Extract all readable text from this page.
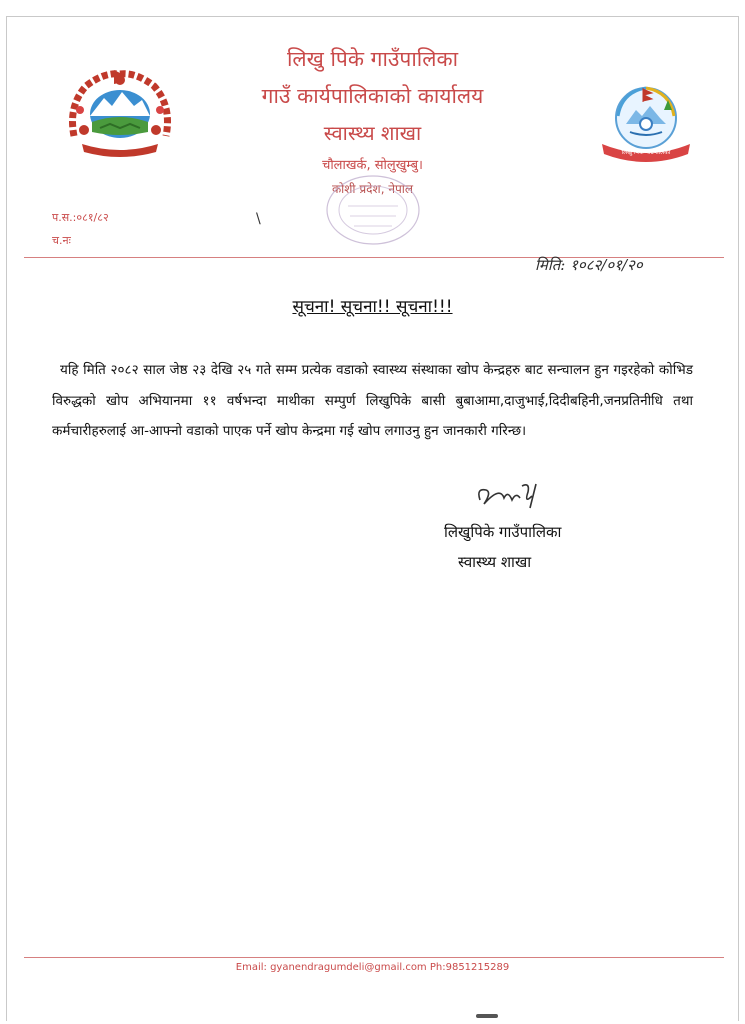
लिखु पिके गाउँपालिका
लिखु पिके गाउँपालिका
गाउँ कार्यपालिकाको कार्यालय
स्वास्थ्य शाखा
चौलाखर्क, सोलुखुम्बु।
कोशी प्रदेश, नेपाल
प.स.:०८१/८२
च.नः
\
मिति: १०८२/०१/२०
सूचना! सूचना!! सूचना!!!
यहि मिति २०८२ साल जेष्ठ २३ देखि २५ गते सम्म प्रत्येक वडाको स्वास्थ्य संस्थाका खोप केन्द्रहरु बाट सन्चालन हुन गइरहेको कोभिड विरुद्धको खोप अभियानमा ११ वर्षभन्दा माथीका सम्पुर्ण लिखुपिके बासी बुबाआमा,दाजुभाई,दिदीबहिनी,जनप्रतिनीधि तथा कर्मचारीहरुलाई आ-आफ्नो वडाको पाएक पर्ने खोप केन्द्रमा गई खोप लगाउनु हुन जानकारी गरिन्छ।
लिखुपिके गाउँपालिका
स्वास्थ्य शाखा
Email: gyanendragumdeli@gmail.com Ph:9851215289
